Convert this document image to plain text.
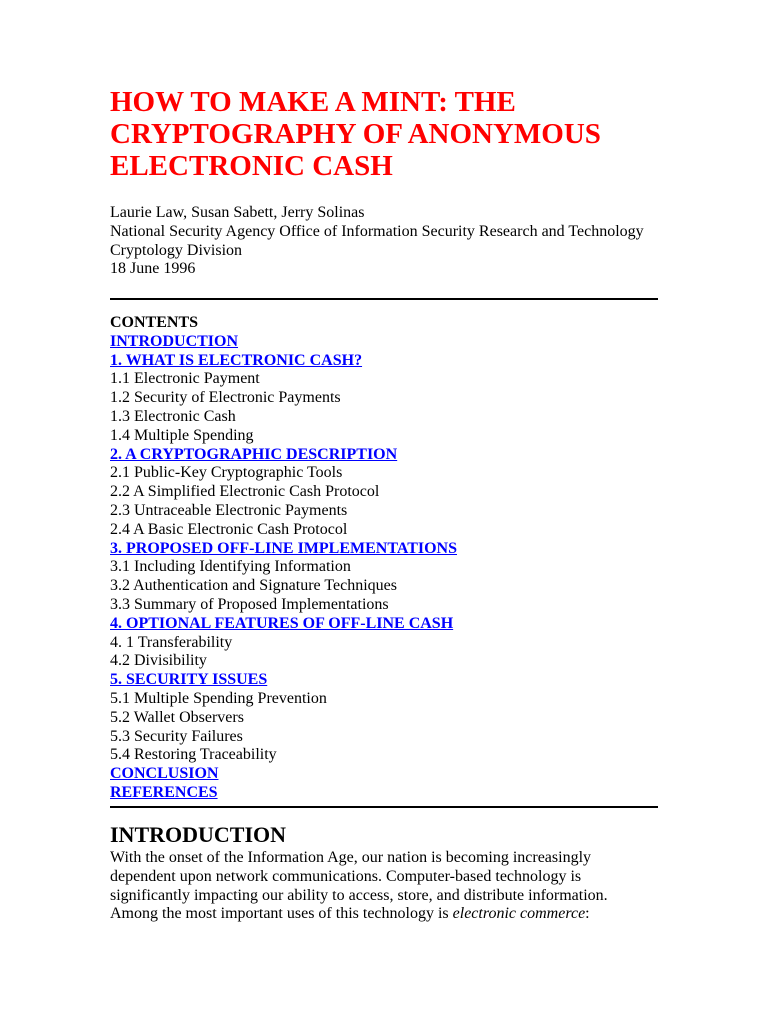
HOW TO MAKE A MINT: THE CRYPTOGRAPHY OF ANONYMOUS ELECTRONIC CASH
Laurie Law, Susan Sabett, Jerry Solinas
National Security Agency Office of Information Security Research and Technology
Cryptology Division
18 June 1996
CONTENTS
INTRODUCTION
1. WHAT IS ELECTRONIC CASH?
1.1 Electronic Payment
1.2 Security of Electronic Payments
1.3 Electronic Cash
1.4 Multiple Spending
2. A CRYPTOGRAPHIC DESCRIPTION
2.1 Public-Key Cryptographic Tools
2.2 A Simplified Electronic Cash Protocol
2.3 Untraceable Electronic Payments
2.4 A Basic Electronic Cash Protocol
3. PROPOSED OFF-LINE IMPLEMENTATIONS
3.1 Including Identifying Information
3.2 Authentication and Signature Techniques
3.3 Summary of Proposed Implementations
4. OPTIONAL FEATURES OF OFF-LINE CASH
4. 1 Transferability
4.2 Divisibility
5. SECURITY ISSUES
5.1 Multiple Spending Prevention
5.2 Wallet Observers
5.3 Security Failures
5.4 Restoring Traceability
CONCLUSION
REFERENCES
INTRODUCTION

With the onset of the Information Age, our nation is becoming increasingly dependent upon network communications. Computer-based technology is significantly impacting our ability to access, store, and distribute information. Among the most important uses of this technology is electronic commerce:
